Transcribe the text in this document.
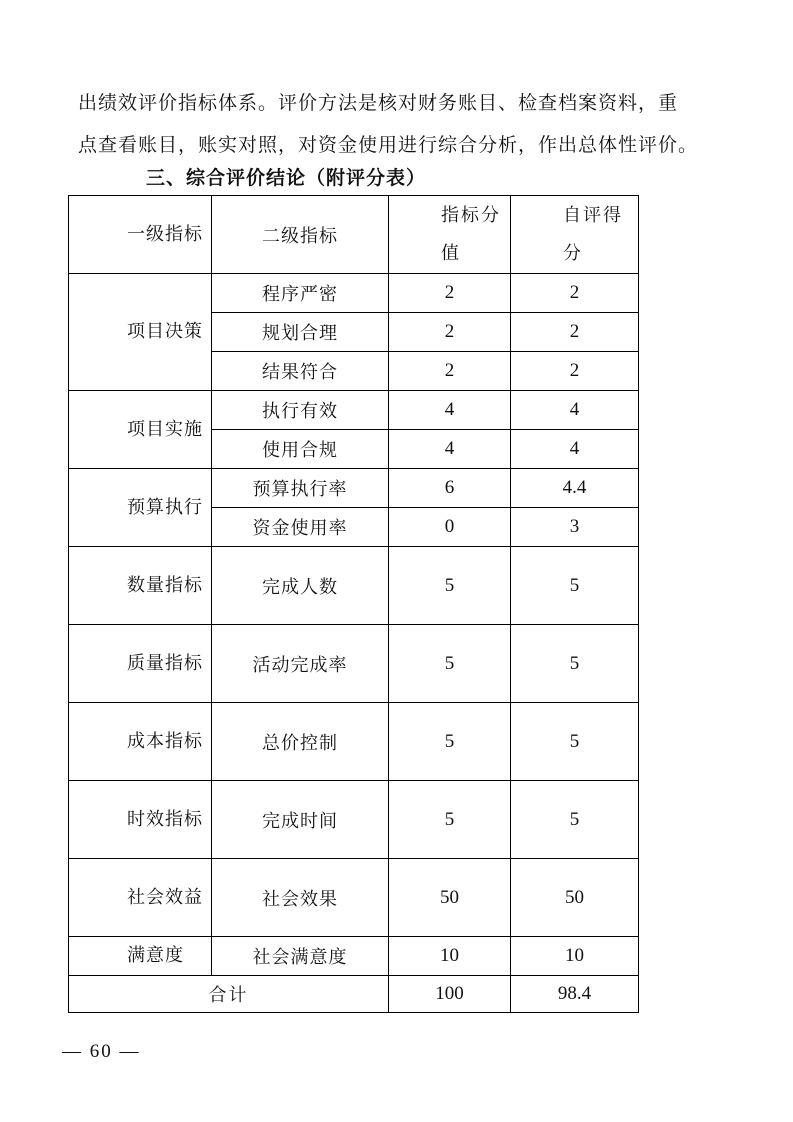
出绩效评价指标体系。评价方法是核对财务账目、检查档案资料，重
点查看账目，账实对照，对资金使用进行综合分析，作出总体性评价。
三、综合评价结论（附评分表）
一级指标	二级指标	指标分值	自评得分
项目决策	程序严密	2	2
	规划合理	2	2
	结果符合	2	2
项目实施	执行有效	4	4
	使用合规	4	4
预算执行	预算执行率	6	4.4
	资金使用率	0	3
数量指标	完成人数	5	5
质量指标	活动完成率	5	5
成本指标	总价控制	5	5
时效指标	完成时间	5	5
社会效益	社会效果	50	50
满意度	社会满意度	10	10
合计		100	98.4
— 60 —
